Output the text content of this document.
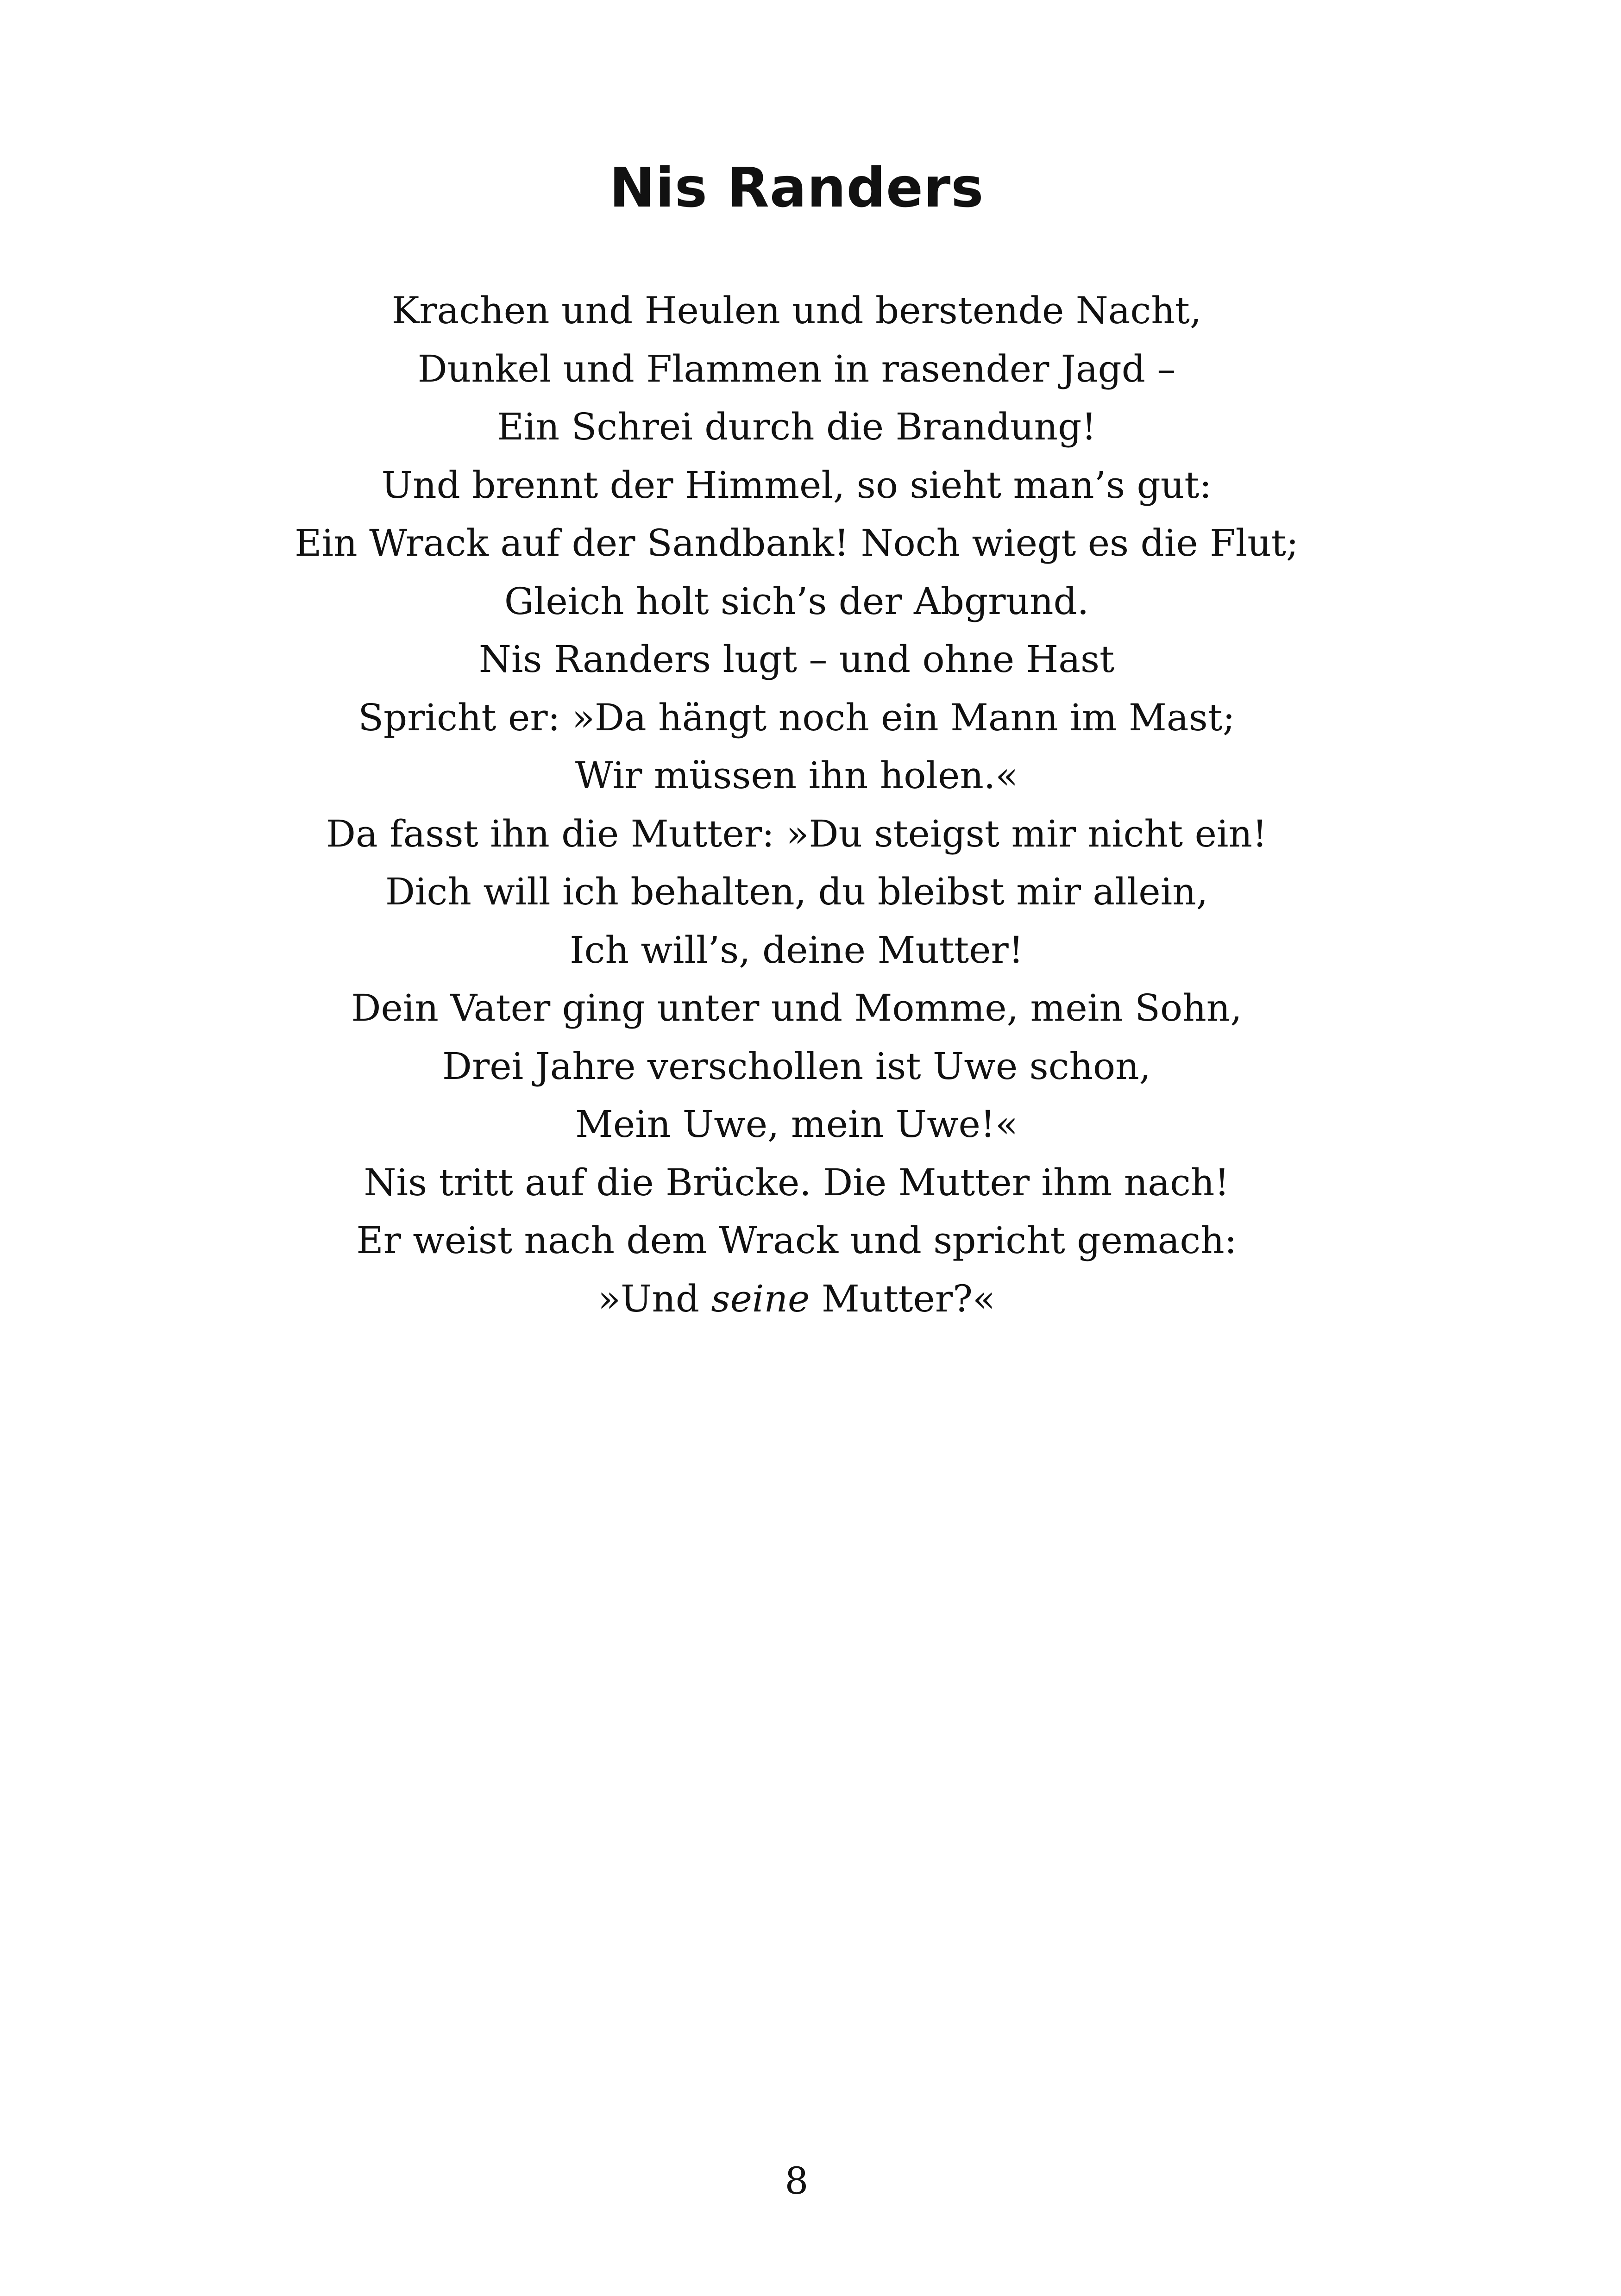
Nis Randers
Krachen und Heulen und berstende Nacht,
Dunkel und Flammen in rasender Jagd –
Ein Schrei durch die Brandung!
Und brennt der Himmel, so sieht man’s gut:
Ein Wrack auf der Sandbank! Noch wiegt es die Flut;
Gleich holt sich’s der Abgrund.
Nis Randers lugt – und ohne Hast
Spricht er: »Da hängt noch ein Mann im Mast;
Wir müssen ihn holen.«
Da fasst ihn die Mutter: »Du steigst mir nicht ein!
Dich will ich behalten, du bleibst mir allein,
Ich will’s, deine Mutter!
Dein Vater ging unter und Momme, mein Sohn,
Drei Jahre verschollen ist Uwe schon,
Mein Uwe, mein Uwe!«
Nis tritt auf die Brücke. Die Mutter ihm nach!
Er weist nach dem Wrack und spricht gemach:
»Und seine Mutter?«
8
